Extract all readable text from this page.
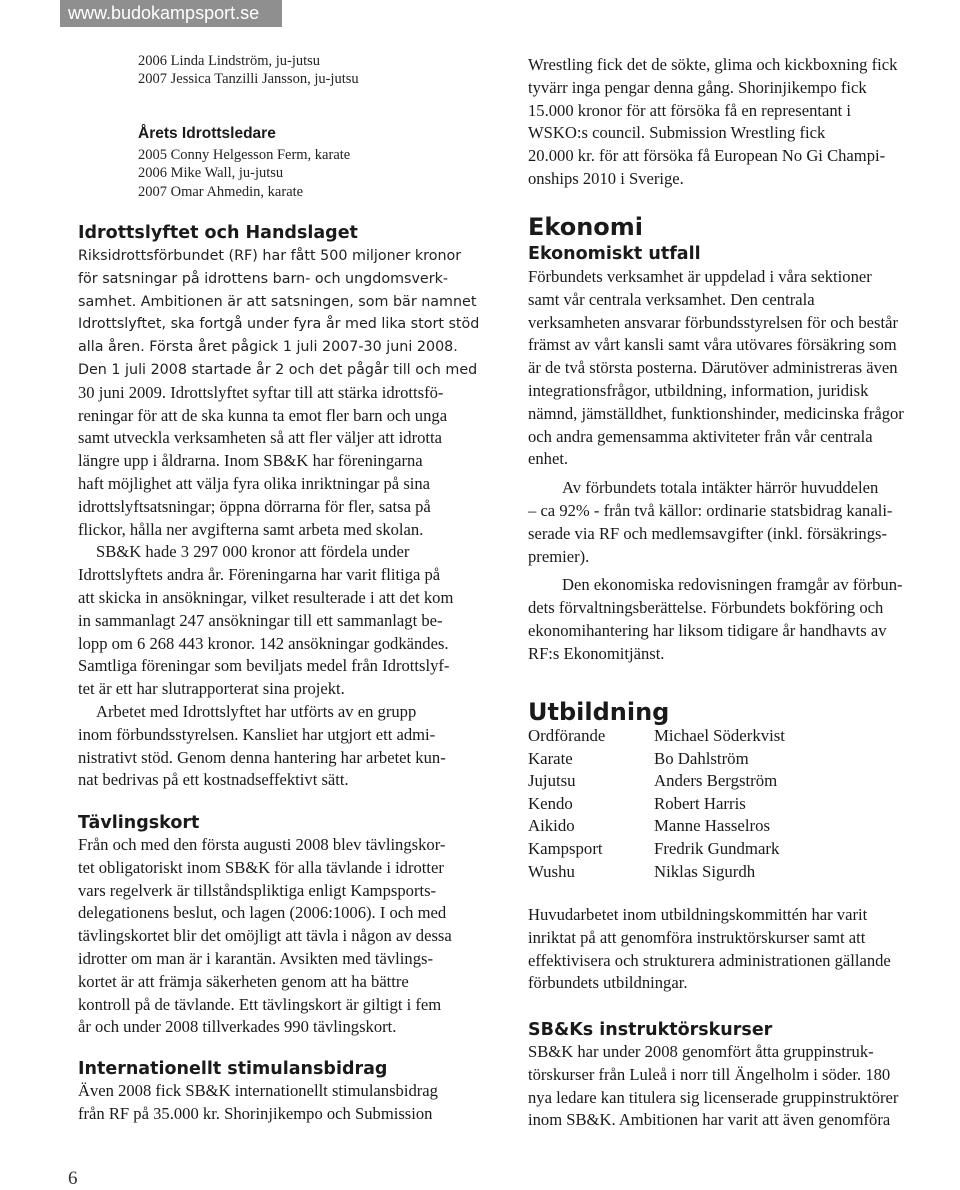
www.budokampsport.se
2006 Linda Lindström, ju-jutsu
2007 Jessica Tanzilli Jansson, ju-jutsu
Årets Idrottsledare
2005 Conny Helgesson Ferm, karate
2006 Mike Wall, ju-jutsu
2007 Omar Ahmedin, karate
Idrottslyftet och Handslaget
Riksidrottsförbundet (RF) har fått 500 miljoner kronor
för satsningar på idrottens barn- och ungdomsverk-
samhet. Ambitionen är att satsningen, som bär namnet
Idrottslyftet, ska fortgå under fyra år med lika stort stöd
alla åren. Första året pågick 1 juli 2007-30 juni 2008.
Den 1 juli 2008 startade år 2 och det pågår till och med
30 juni 2009. Idrottslyftet syftar till att stärka idrottsfö-
reningar för att de ska kunna ta emot fler barn och unga
samt utveckla verksamheten så att fler väljer att idrotta
längre upp i åldrarna. Inom SB&K har föreningarna
haft möjlighet att välja fyra olika inriktningar på sina
idrottslyftsatsningar; öppna dörrarna för fler, satsa på
flickor, hålla ner avgifterna samt arbeta med skolan.
SB&K hade 3 297 000 kronor att fördela under
Idrottslyftets andra år. Föreningarna har varit flitiga på
att skicka in ansökningar, vilket resulterade i att det kom
in sammanlagt 247 ansökningar till ett sammanlagt be-
lopp om 6 268 443 kronor. 142 ansökningar godkändes.
Samtliga föreningar som beviljats medel från Idrottslyf-
tet är ett har slutrapporterat sina projekt.
Arbetet med Idrottslyftet har utförts av en grupp
inom förbundsstyrelsen. Kansliet har utgjort ett admi-
nistrativt stöd. Genom denna hantering har arbetet kun-
nat bedrivas på ett kostnadseffektivt sätt.
Tävlingskort
Från och med den första augusti 2008 blev tävlingskor-
tet obligatoriskt inom SB&K för alla tävlande i idrotter
vars regelverk är tillståndspliktiga enligt Kampsports-
delegationens beslut, och lagen (2006:1006). I och med
tävlingskortet blir det omöjligt att tävla i någon av dessa
idrotter om man är i karantän. Avsikten med tävlings-
kortet är att främja säkerheten genom att ha bättre
kontroll på de tävlande. Ett tävlingskort är giltigt i fem
år och under 2008 tillverkades 990 tävlingskort.
Internationellt stimulansbidrag
Även 2008 fick SB&K internationellt stimulansbidrag
från RF på 35.000 kr. Shorinjikempo och Submission
Wrestling fick det de sökte, glima och kickboxning fick
tyvärr inga pengar denna gång. Shorinjikempo fick
15.000 kronor för att försöka få en representant i
WSKO:s council. Submission Wrestling fick
20.000 kr. för att försöka få European No Gi Champi-
onships 2010 i Sverige.
Ekonomi
Ekonomiskt utfall
Förbundets verksamhet är uppdelad i våra sektioner
samt vår centrala verksamhet. Den centrala
verksamheten ansvarar förbundsstyrelsen för och består
främst av vårt kansli samt våra utövares försäkring som
är de två största posterna. Därutöver administreras även
integrationsfrågor, utbildning, information, juridisk
nämnd, jämställdhet, funktionshinder, medicinska frågor
och andra gemensamma aktiviteter från vår centrala
enhet.
Av förbundets totala intäkter härrör huvuddelen
– ca 92% - från två källor: ordinarie statsbidrag kanali-
serade via RF och medlemsavgifter (inkl. försäkrings-
premier).
Den ekonomiska redovisningen framgår av förbun-
dets förvaltningsberättelse. Förbundets bokföring och
ekonomihantering har liksom tidigare år handhavts av
RF:s Ekonomitjänst.
Utbildning
Ordförande	Michael Söderkvist
Karate	Bo Dahlström
Jujutsu	Anders Bergström
Kendo	Robert Harris
Aikido	Manne Hasselros
Kampsport	Fredrik Gundmark
Wushu	Niklas Sigurdh
Huvudarbetet inom utbildningskommittén har varit
inriktat på att genomföra instruktörskurser samt att
effektivisera och strukturera administrationen gällande
förbundets utbildningar.
SB&Ks instruktörskurser
SB&K har under 2008 genomfört åtta gruppinstruk-
törskurser från Luleå i norr till Ängelholm i söder. 180
nya ledare kan titulera sig licenserade gruppinstruktörer
inom SB&K. Ambitionen har varit att även genomföra
6
